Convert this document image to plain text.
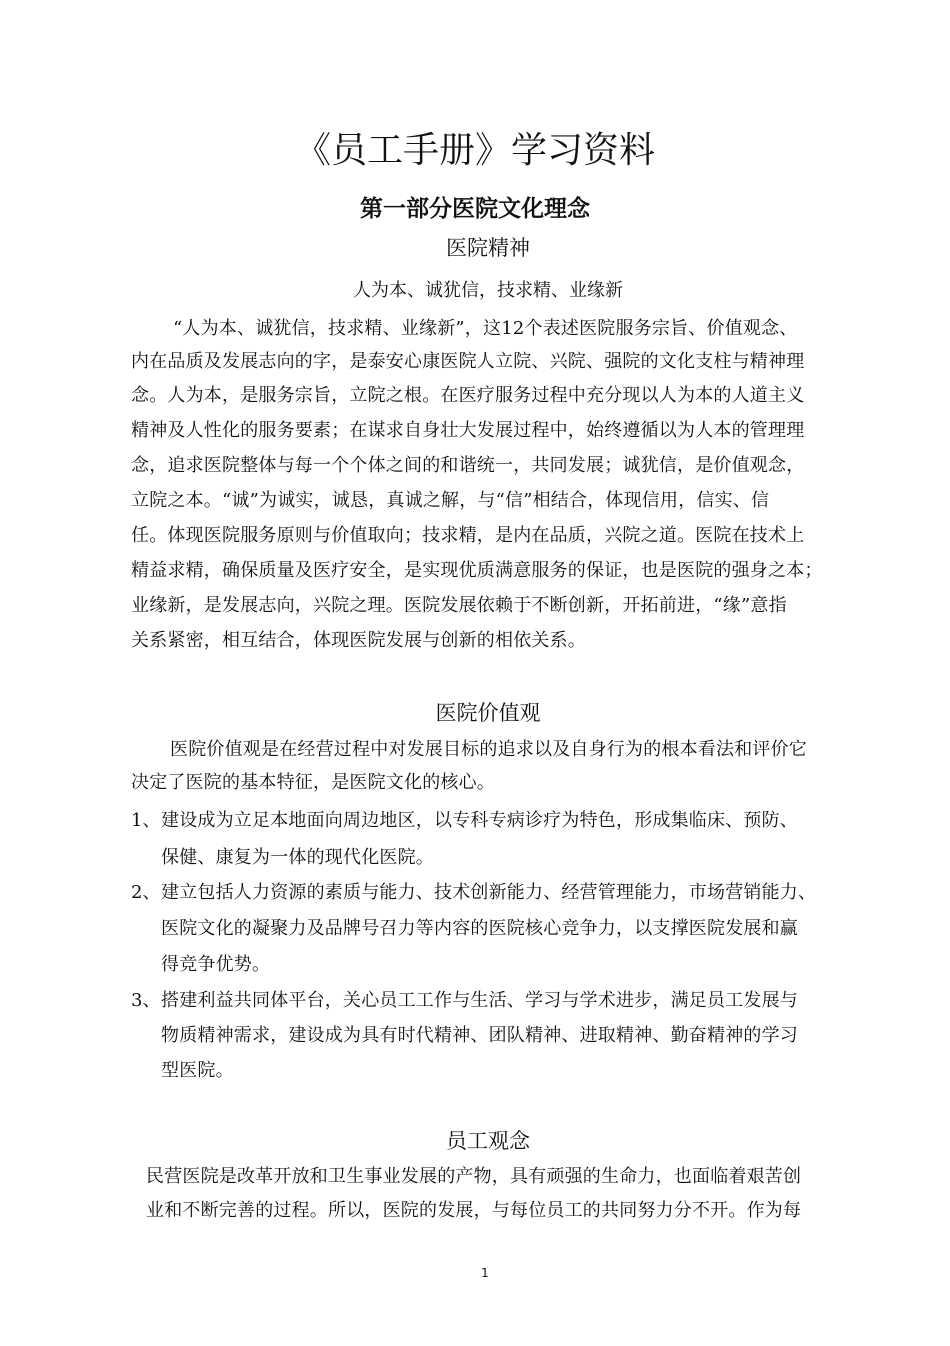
《员工手册》学习资料
第一部分医院文化理念
医院精神
人为本、诚犹信，技求精、业缘新
“人为本、诚犹信，技求精、业缘新”，这12个表述医院服务宗旨、价值观念、
内在品质及发展志向的字，是泰安心康医院人立院、兴院、强院的文化支柱与精神理
念。人为本，是服务宗旨，立院之根。在医疗服务过程中充分现以人为本的人道主义
精神及人性化的服务要素；在谋求自身壮大发展过程中，始终遵循以为人本的管理理
念，追求医院整体与每一个个体之间的和谐统一，共同发展；诚犹信，是价值观念，
立院之本。“诚”为诚实，诚恳，真诚之解，与“信”相结合，体现信用，信实、信
任。体现医院服务原则与价值取向；技求精，是内在品质，兴院之道。医院在技术上
精益求精，确保质量及医疗安全，是实现优质满意服务的保证，也是医院的强身之本；
业缘新，是发展志向，兴院之理。医院发展依赖于不断创新，开拓前进，“缘”意指
关系紧密，相互结合，体现医院发展与创新的相依关系。
医院价值观
医院价值观是在经营过程中对发展目标的追求以及自身行为的根本看法和评价它
决定了医院的基本特征，是医院文化的核心。
1、 建设成为立足本地面向周边地区，以专科专病诊疗为特色，形成集临床、预防、
保健、康复为一体的现代化医院。
2、 建立包括人力资源的素质与能力、技术创新能力、经营管理能力，市场营销能力、
医院文化的凝聚力及品牌号召力等内容的医院核心竞争力，以支撑医院发展和赢
得竞争优势。
3、 搭建利益共同体平台，关心员工工作与生活、学习与学术进步，满足员工发展与
物质精神需求，建设成为具有时代精神、团队精神、进取精神、勤奋精神的学习
型医院。
员工观念
民营医院是改革开放和卫生事业发展的产物，具有顽强的生命力，也面临着艰苦创
业和不断完善的过程。所以，医院的发展，与每位员工的共同努力分不开。作为每
1
